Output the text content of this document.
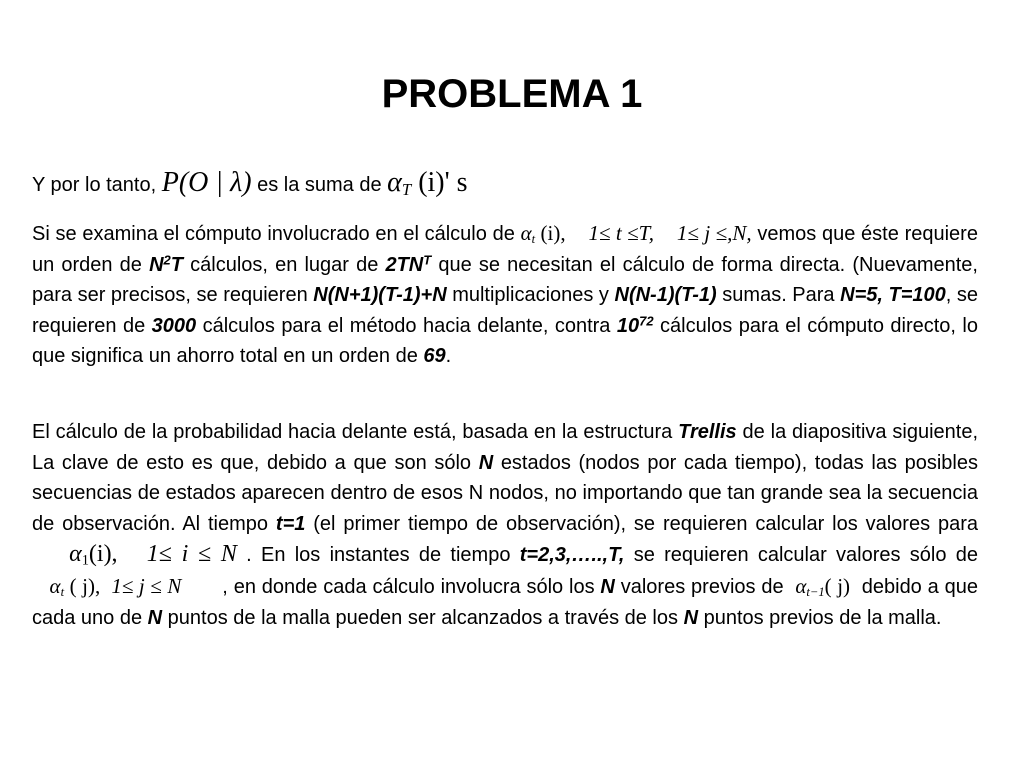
PROBLEMA 1
Y por lo tanto, P(O | λ) es la suma de $\alpha_T$ (i)' s
Si se examina el cómputo involucrado en el cálculo de $\alpha_t$ (i), 1≤ t ≤T, 1≤ j ≤,N, vemos que éste requiere un orden de $N^2T$ cálculos, en lugar de $2TN^T$ que se necesitan el cálculo de forma directa. (Nuevamente, para ser precisos, se requieren N(N+1)(T-1)+N multiplicaciones y N(N-1)(T-1) sumas. Para N=5, T=100, se requieren de 3000 cálculos para el método hacia delante, contra $10^{72}$ cálculos para el cómputo directo, lo que significa un ahorro total en un orden de 69.
El cálculo de la probabilidad hacia delante está, basada en la estructura Trellis de la diapositiva siguiente, La clave de esto es que, debido a que son sólo N estados (nodos por cada tiempo), todas las posibles secuencias de estados aparecen dentro de esos N nodos, no importando que tan grande sea la secuencia de observación. Al tiempo t=1 (el primer tiempo de observación), se requieren calcular los valores para     $\alpha_1(i)$, 1≤ i ≤ N . En los instantes de tiempo t=2,3,…..,T, se requieren calcular valores sólo de    $\alpha_t$ ( j), 1≤ j ≤ N       , en donde cada cálculo involucra sólo los N valores previos de  $\alpha_{t-1}$( j)  debido a que cada uno de N puntos de la malla pueden ser alcanzados a través de los N puntos previos de la malla.
